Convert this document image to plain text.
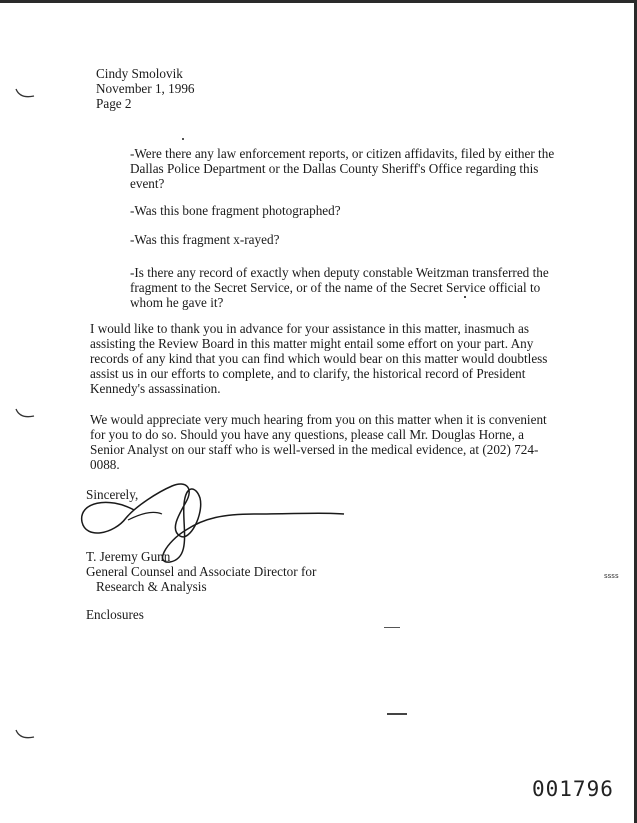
Cindy Smolovik
November 1, 1996
Page 2
-Were there any law enforcement reports, or citizen affidavits, filed by either the
Dallas Police Department or the Dallas County Sheriff's Office regarding this
event?
-Was this bone fragment photographed?
-Was this fragment x-rayed?
-Is there any record of exactly when deputy constable Weitzman transferred the
fragment to the Secret Service, or of the name of the Secret Service official to
whom he gave it?
I would like to thank you in advance for your assistance in this matter, inasmuch as
assisting the Review Board in this matter might entail some effort on your part. Any
records of any kind that you can find which would bear on this matter would doubtless
assist us in our efforts to complete, and to clarify, the historical record of President
Kennedy's assassination.
We would appreciate very much hearing from you on this matter when it is convenient
for you to do so. Should you have any questions, please call Mr. Douglas Horne, a
Senior Analyst on our staff who is well-versed in the medical evidence, at (202) 724-
0088.
Sincerely,
T. Jeremy Gunn
General Counsel and Associate Director for
Research & Analysis
Enclosures
ssss
001796
